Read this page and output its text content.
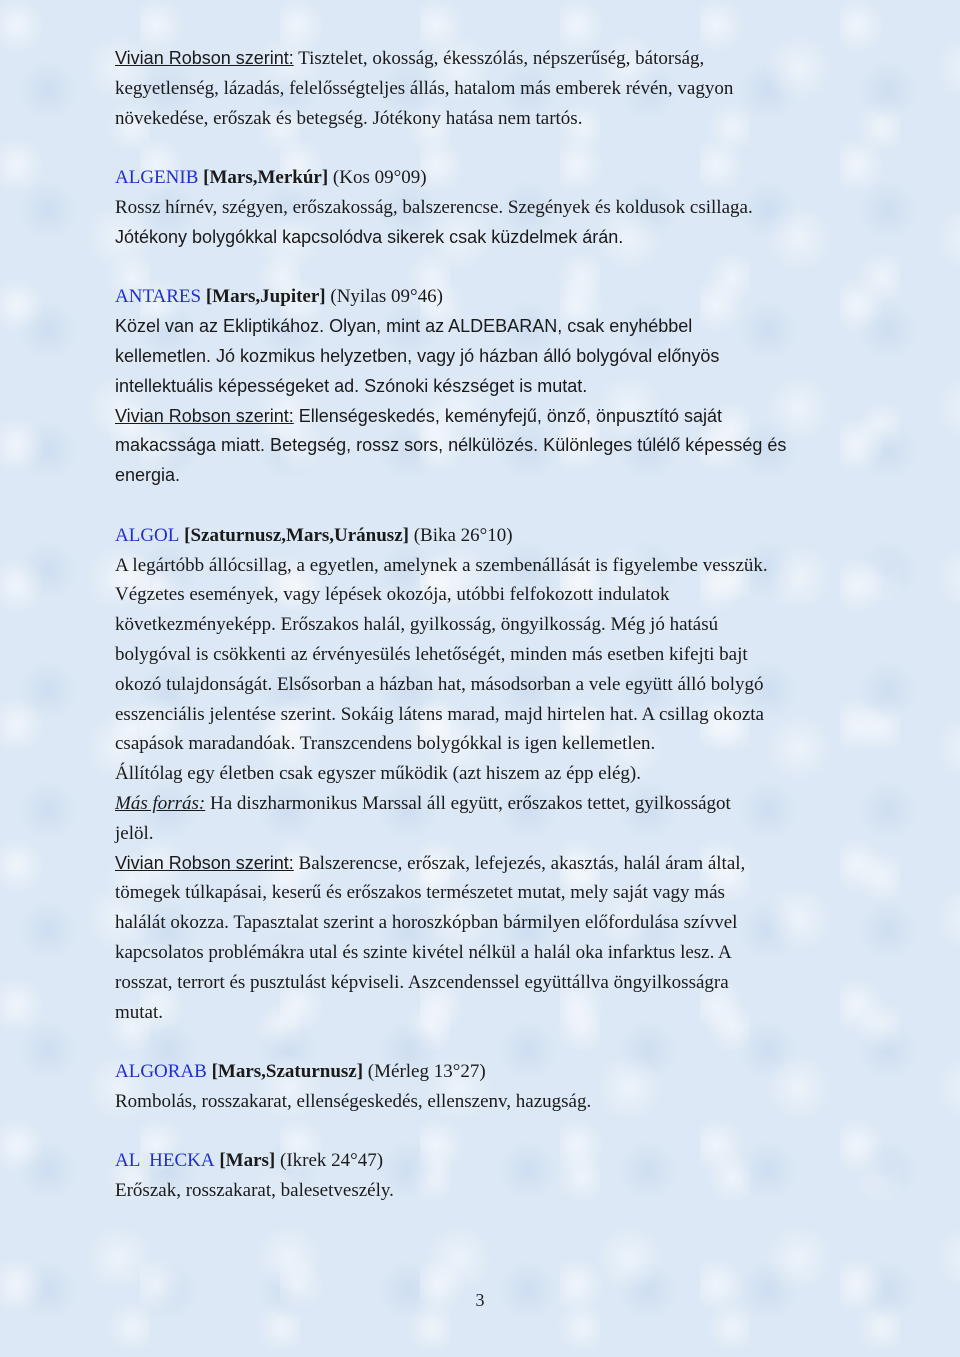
Vivian Robson szerint: Tisztelet, okosság, ékesszólás, népszerűség, bátorság,
kegyetlenség, lázadás, felelősségteljes állás, hatalom más emberek révén, vagyon
növekedése, erőszak és betegség. Jótékony hatása nem tartós.
ALGENIB [Mars,Merkúr] (Kos 09°09)
Rossz hírnév, szégyen, erőszakosság, balszerencse. Szegények és koldusok csillaga.
Jótékony bolygókkal kapcsolódva sikerek csak küzdelmek árán.
ANTARES [Mars,Jupiter] (Nyilas 09°46)
Közel van az Ekliptikához. Olyan, mint az ALDEBARAN, csak enyhébbel
kellemetlen. Jó kozmikus helyzetben, vagy jó házban álló bolygóval előnyös
intellektuális képességeket ad. Szónoki készséget is mutat.
Vivian Robson szerint: Ellenségeskedés, keményfejű, önző, önpusztító saját
makacssága miatt. Betegség, rossz sors, nélkülözés. Különleges túlélő képesség és
energia.
ALGOL [Szaturnusz,Mars,Uránusz] (Bika 26°10)
A legártóbb állócsillag, a egyetlen, amelynek a szembenállását is figyelembe vesszük.
Végzetes események, vagy lépések okozója, utóbbi felfokozott indulatok
következményeképp. Erőszakos halál, gyilkosság, öngyilkosság. Még jó hatású
bolygóval is csökkenti az érvényesülés lehetőségét, minden más esetben kifejti bajt
okozó tulajdonságát. Elsősorban a házban hat, másodsorban a vele együtt álló bolygó
esszenciális jelentése szerint. Sokáig látens marad, majd hirtelen hat. A csillag okozta
csapások maradandóak. Transzcendens bolygókkal is igen kellemetlen.
Állítólag egy életben csak egyszer működik (azt hiszem az épp elég).
Más forrás: Ha diszharmonikus Marssal áll együtt, erőszakos tettet, gyilkosságot
jelöl.
Vivian Robson szerint: Balszerencse, erőszak, lefejezés, akasztás, halál áram által,
tömegek túlkapásai, keserű és erőszakos természetet mutat, mely saját vagy más
halálát okozza. Tapasztalat szerint a horoszkópban bármilyen előfordulása szívvel
kapcsolatos problémákra utal és szinte kivétel nélkül a halál oka infarktus lesz. A
rosszat, terrort és pusztulást képviseli. Aszcendenssel együttállva öngyilkosságra
mutat.
ALGORAB [Mars,Szaturnusz] (Mérleg 13°27)
Rombolás, rosszakarat, ellenségeskedés, ellenszenv, hazugság.
AL  HECKA [Mars] (Ikrek 24°47)
Erőszak, rosszakarat, balesetveszély.
3
